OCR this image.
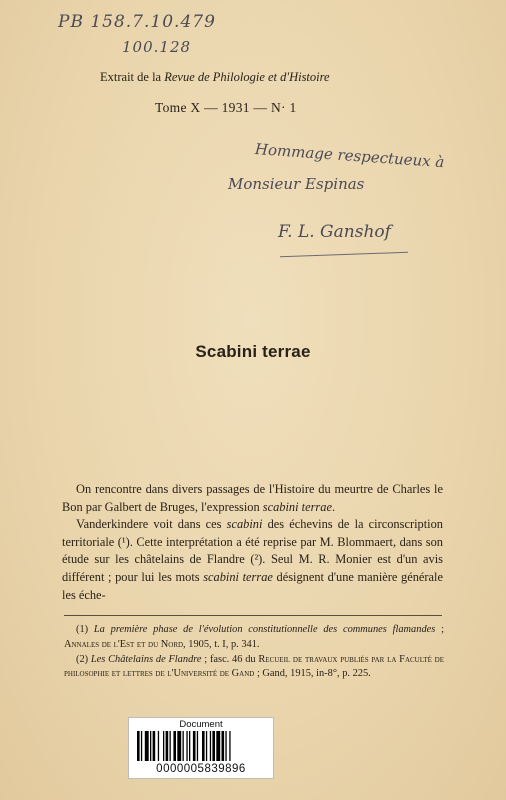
PB 158.7.10.479
100.128
Extrait de la Revue de Philologie et d'Histoire
Tome X — 1931 — N· 1
Hommage respectueux à
Monsieur Espinas
F. L. Ganshof
Scabini terrae

On rencontre dans divers passages de l'Histoire du meurtre de Charles le Bon par Galbert de Bruges, l'expression scabini terrae.

Vanderkindere voit dans ces scabini des échevins de la circonscription territoriale (¹). Cette interprétation a été reprise par M. Blommaert, dans son étude sur les châtelains de Flandre (²). Seul M. R. Monier est d'un avis différent ; pour lui les mots scabini terrae désignent d'une manière générale les éche-

(1) La première phase de l'évolution constitutionnelle des communes flamandes ; Annales de l'Est et du Nord, 1905, t. I, p. 341.

(2) Les Châtelains de Flandre ; fasc. 46 du Recueil de travaux publiés par la Faculté de philosophie et lettres de l'Université de Gand ; Gand, 1915, in-8°, p. 225.

Document
0000005839896
